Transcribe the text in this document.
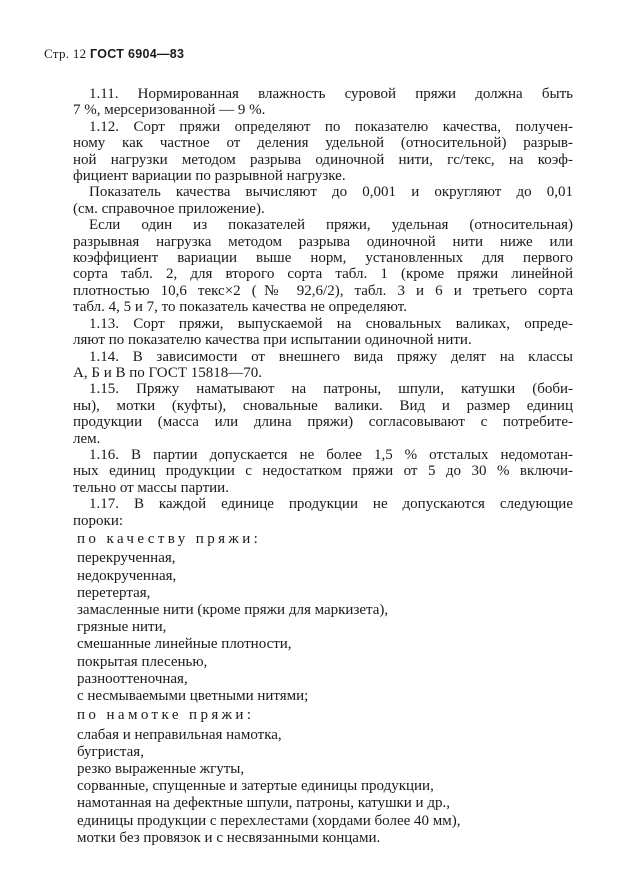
Стр. 12 ГОСТ 6904—83
1.11. Нормированная влажность суровой пряжи должна быть
7 %, мерсеризованной — 9 %.
1.12. Сорт пряжи определяют по показателю качества, получен-
ному как частное от деления удельной (относительной) разрыв-
ной нагрузки методом разрыва одиночной нити, гс/текс, на коэф-
фициент вариации по разрывной нагрузке.
Показатель качества вычисляют до 0,001 и округляют до 0,01
(см. справочное приложение).
Если один из показателей пряжи, удельная (относительная)
разрывная нагрузка методом разрыва одиночной нити ниже или
коэффициент вариации выше норм, установленных для первого
сорта табл. 2, для второго сорта табл. 1 (кроме пряжи линейной
плотностью 10,6 текс×2 (№ 92,6/2), табл. 3 и 6 и третьего сорта
табл. 4, 5 и 7, то показатель качества не определяют.
1.13. Сорт пряжи, выпускаемой на сновальных валиках, опреде-
ляют по показателю качества при испытании одиночной нити.
1.14. В зависимости от внешнего вида пряжу делят на классы
А, Б и В по ГОСТ 15818—70.
1.15. Пряжу наматывают на патроны, шпули, катушки (боби-
ны), мотки (куфты), сновальные валики. Вид и размер единиц
продукции (масса или длина пряжи) согласовывают с потребите-
лем.
1.16. В партии допускается не более 1,5 % отсталых недомотан-
ных единиц продукции с недостатком пряжи от 5 до 30 % включи-
тельно от массы партии.
1.17. В каждой единице продукции не допускаются следующие
пороки:
по качеству пряжи:
перекрученная,
недокрученная,
перетертая,
замасленные нити (кроме пряжи для маркизета),
грязные нити,
смешанные линейные плотности,
покрытая плесенью,
разнооттеночная,
с несмываемыми цветными нитями;
по намотке пряжи:
слабая и неправильная намотка,
бугристая,
резко выраженные жгуты,
сорванные, спущенные и затертые единицы продукции,
намотанная на дефектные шпули, патроны, катушки и др.,
единицы продукции с перехлестами (хордами более 40 мм),
мотки без провязок и с несвязанными концами.
